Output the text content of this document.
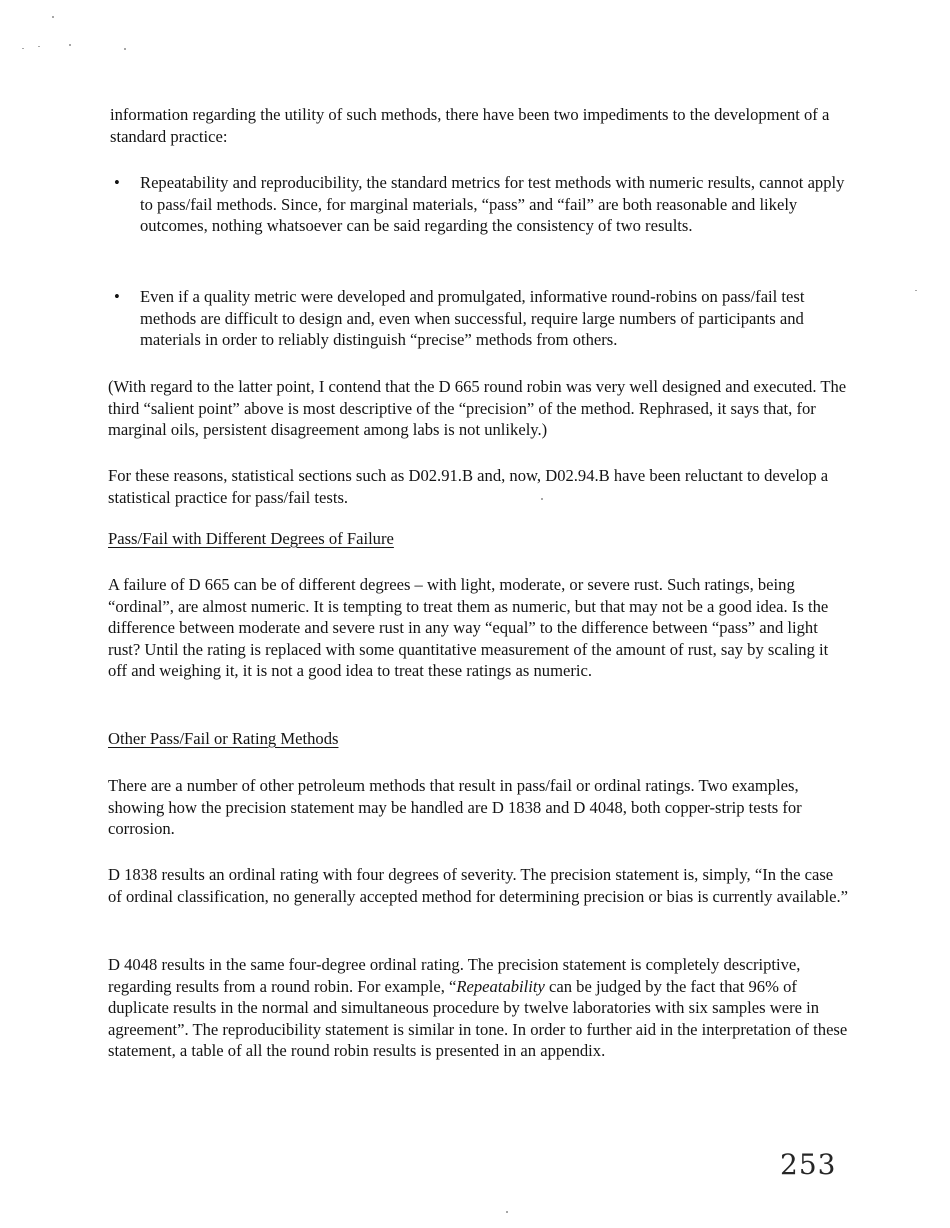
information regarding the utility of such methods, there have been two impediments to the development of a standard practice:

• Repeatability and reproducibility, the standard metrics for test methods with numeric results, cannot apply to pass/fail methods. Since, for marginal materials, “pass” and “fail” are both reasonable and likely outcomes, nothing whatsoever can be said regarding the consistency of two results.

• Even if a quality metric were developed and promulgated, informative round-robins on pass/fail test methods are difficult to design and, even when successful, require large numbers of participants and materials in order to reliably distinguish “precise” methods from others.

(With regard to the latter point, I contend that the D 665 round robin was very well designed and executed. The third “salient point” above is most descriptive of the “precision” of the method. Rephrased, it says that, for marginal oils, persistent disagreement among labs is not unlikely.)

For these reasons, statistical sections such as D02.91.B and, now, D02.94.B have been reluctant to develop a statistical practice for pass/fail tests.

Pass/Fail with Different Degrees of Failure

A failure of D 665 can be of different degrees – with light, moderate, or severe rust. Such ratings, being “ordinal”, are almost numeric. It is tempting to treat them as numeric, but that may not be a good idea. Is the difference between moderate and severe rust in any way “equal” to the difference between “pass” and light rust? Until the rating is replaced with some quantitative measurement of the amount of rust, say by scaling it off and weighing it, it is not a good idea to treat these ratings as numeric.

Other Pass/Fail or Rating Methods

There are a number of other petroleum methods that result in pass/fail or ordinal ratings. Two examples, showing how the precision statement may be handled are D 1838 and D 4048, both copper-strip tests for corrosion.

D 1838 results an ordinal rating with four degrees of severity. The precision statement is, simply, “In the case of ordinal classification, no generally accepted method for determining precision or bias is currently available.”

D 4048 results in the same four-degree ordinal rating. The precision statement is completely descriptive, regarding results from a round robin. For example, “Repeatability can be judged by the fact that 96% of duplicate results in the normal and simultaneous procedure by twelve laboratories with six samples were in agreement”. The reproducibility statement is similar in tone. In order to further aid in the interpretation of these statement, a table of all the round robin results is presented in an appendix.

253
